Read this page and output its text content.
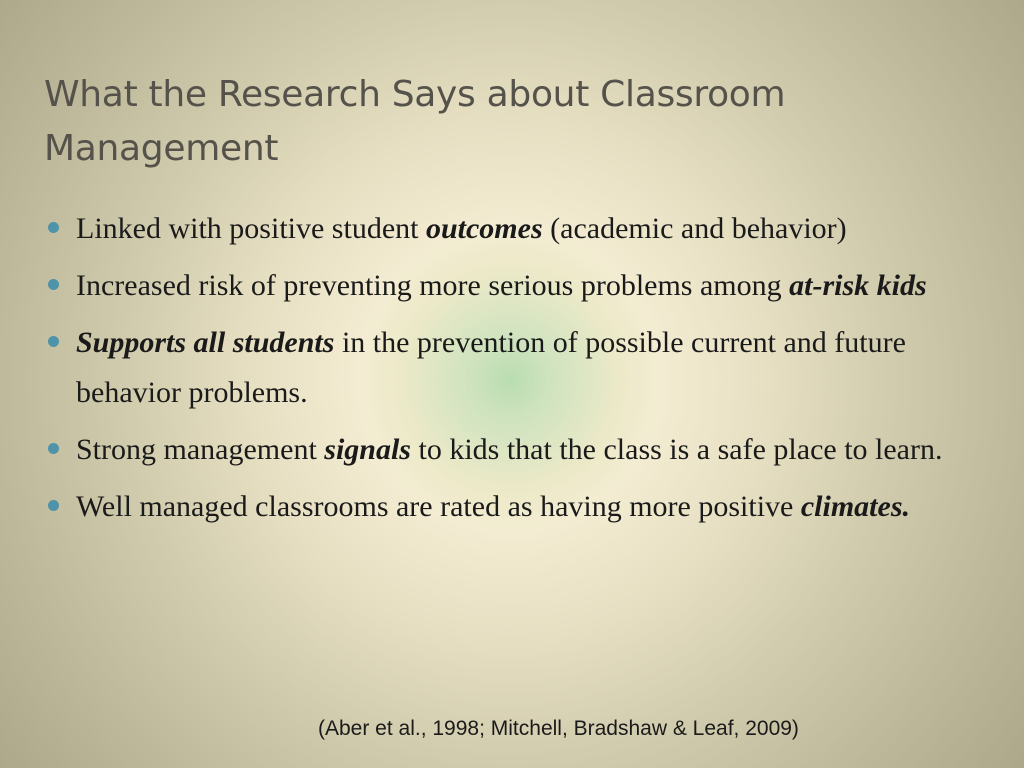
What the Research Says about Classroom Management
Linked with positive student outcomes (academic and behavior)
Increased risk of preventing more serious problems among at-risk kids
Supports all students in the prevention of possible current and future behavior problems.
Strong management signals to kids that the class is a safe place to learn.
Well managed classrooms are rated as having more positive climates.

(Aber et al., 1998; Mitchell, Bradshaw & Leaf, 2009)
